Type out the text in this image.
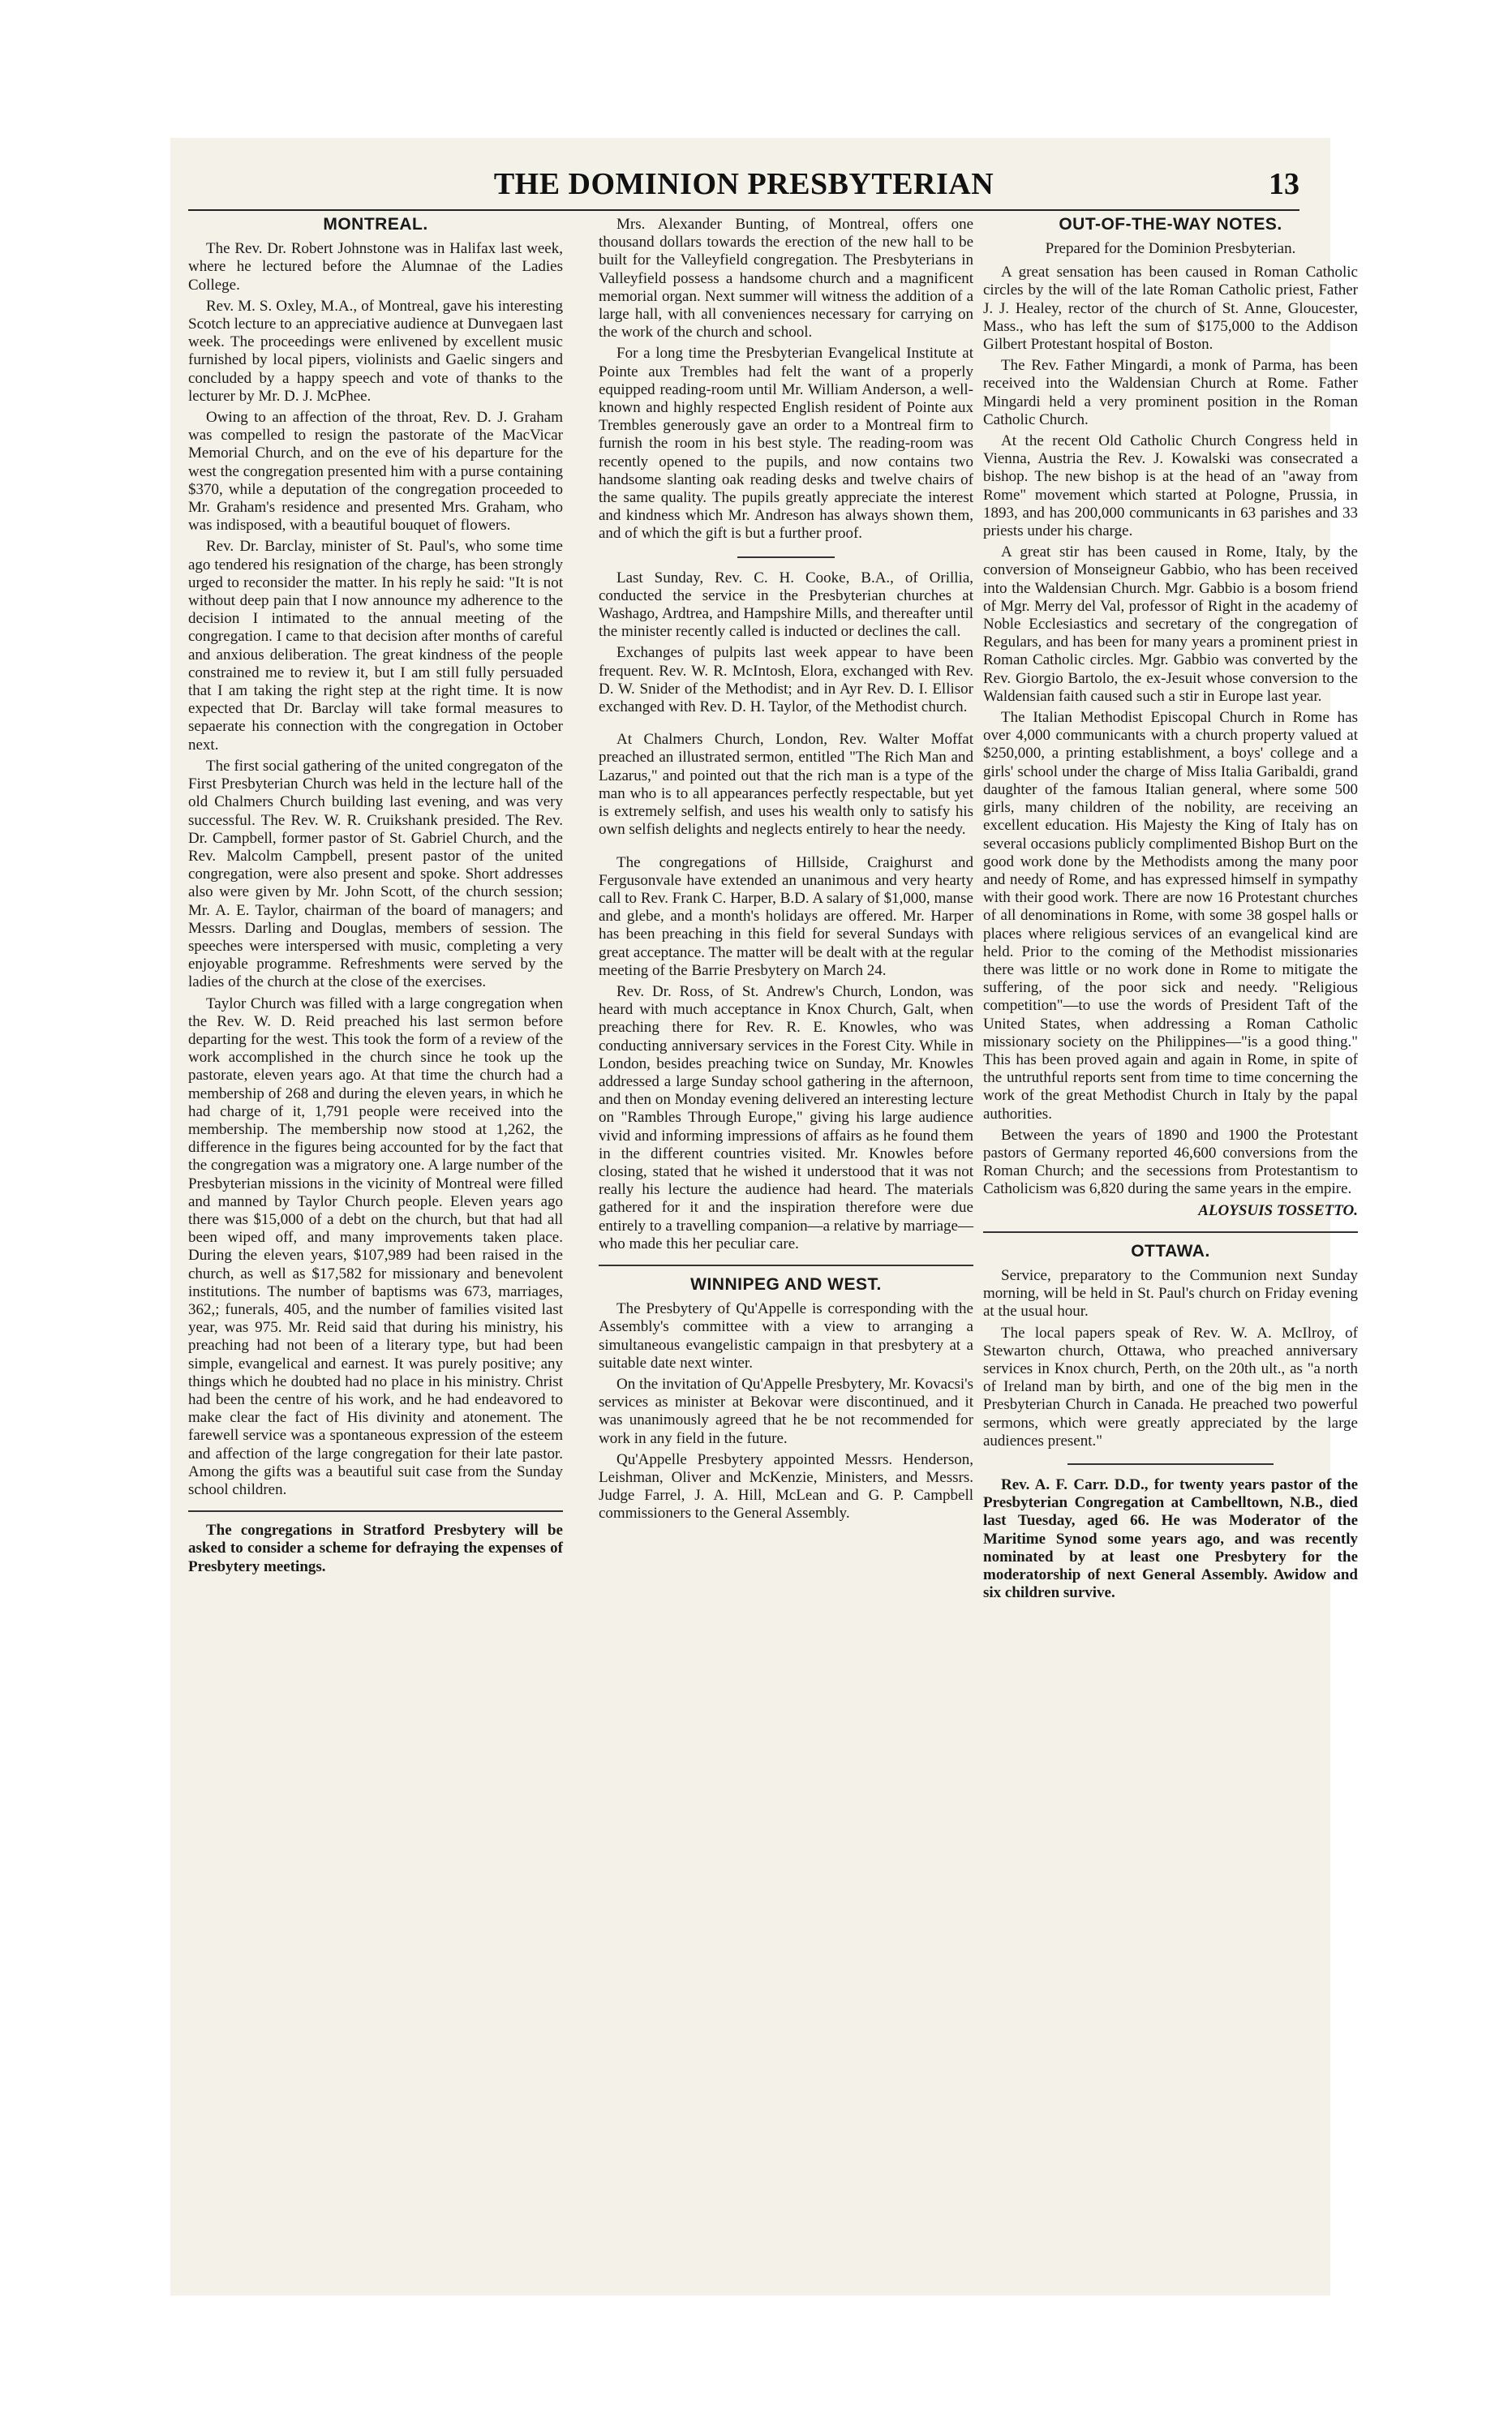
THE DOMINION PRESBYTERIAN	13
MONTREAL.

The Rev. Dr. Robert Johnstone was in Halifax last week, where he lectured before the Alumnae of the Ladies College.

Rev. M. S. Oxley, M.A., of Montreal, gave his interesting Scotch lecture to an appreciative audience at Dunvegaen last week. The proceedings were enlivened by excellent music furnished by local pipers, violinists and Gaelic singers and concluded by a happy speech and vote of thanks to the lecturer by Mr. D. J. McPhee.

Owing to an affection of the throat, Rev. D. J. Graham was compelled to resign the pastorate of the MacVicar Memorial Church, and on the eve of his departure for the west the congregation presented him with a purse containing $370, while a deputation of the congregation proceeded to Mr. Graham's residence and presented Mrs. Graham, who was indisposed, with a beautiful bouquet of flowers.

Rev. Dr. Barclay, minister of St. Paul's, who some time ago tendered his resignation of the charge, has been strongly urged to reconsider the matter. In his reply he said: "It is not without deep pain that I now announce my adherence to the decision I intimated to the annual meeting of the congregation. I came to that decision after months of careful and anxious deliberation. The great kindness of the people constrained me to review it, but I am still fully persuaded that I am taking the right step at the right time. It is now expected that Dr. Barclay will take formal measures to sepaerate his connection with the congregation in October next.

The first social gathering of the united congregaton of the First Presbyterian Church was held in the lecture hall of the old Chalmers Church building last evening, and was very successful. The Rev. W. R. Cruikshank presided. The Rev. Dr. Campbell, former pastor of St. Gabriel Church, and the Rev. Malcolm Campbell, present pastor of the united congregation, were also present and spoke. Short addresses also were given by Mr. John Scott, of the church session; Mr. A. E. Taylor, chairman of the board of managers; and Messrs. Darling and Douglas, members of session. The speeches were interspersed with music, completing a very enjoyable programme. Refreshments were served by the ladies of the church at the close of the exercises.

Taylor Church was filled with a large congregation when the Rev. W. D. Reid preached his last sermon before departing for the west. This took the form of a review of the work accomplished in the church since he took up the pastorate, eleven years ago. At that time the church had a membership of 268 and during the eleven years, in which he had charge of it, 1,791 people were received into the membership. The membership now stood at 1,262, the difference in the figures being accounted for by the fact that the congregation was a migratory one. A large number of the Presbyterian missions in the vicinity of Montreal were filled and manned by Taylor Church people. Eleven years ago there was $15,000 of a debt on the church, but that had all been wiped off, and many improvements taken place. During the eleven years, $107,989 had been raised in the church, as well as $17,582 for missionary and benevolent institutions. The number of baptisms was 673, marriages, 362,; funerals, 405, and the number of families visited last year, was 975. Mr. Reid said that during his ministry, his preaching had not been of a literary type, but had been simple, evangelical and earnest. It was purely positive; any things which he doubted had no place in his ministry. Christ had been the centre of his work, and he had endeavored to make clear the fact of His divinity and atonement. The farewell service was a spontaneous expression of the esteem and affection of the large congregation for their late pastor. Among the gifts was a beautiful suit case from the Sunday school children.

The congregations in Stratford Presbytery will be asked to consider a scheme for defraying the expenses of Presbytery meetings.

Mrs. Alexander Bunting, of Montreal, offers one thousand dollars towards the erection of the new hall to be built for the Valleyfield congregation. The Presbyterians in Valleyfield possess a handsome church and a magnificent memorial organ. Next summer will witness the addition of a large hall, with all conveniences necessary for carrying on the work of the church and school.

For a long time the Presbyterian Evangelical Institute at Pointe aux Trembles had felt the want of a properly equipped reading-room until Mr. William Anderson, a well-known and highly respected English resident of Pointe aux Trembles generously gave an order to a Montreal firm to furnish the room in his best style. The reading-room was recently opened to the pupils, and now contains two handsome slanting oak reading desks and twelve chairs of the same quality. The pupils greatly appreciate the interest and kindness which Mr. Andreson has always shown them, and of which the gift is but a further proof.

Last Sunday, Rev. C. H. Cooke, B.A., of Orillia, conducted the service in the Presbyterian churches at Washago, Ardtrea, and Hampshire Mills, and thereafter until the minister recently called is inducted or declines the call.

Exchanges of pulpits last week appear to have been frequent. Rev. W. R. McIntosh, Elora, exchanged with Rev. D. W. Snider of the Methodist; and in Ayr Rev. D. I. Ellisor exchanged with Rev. D. H. Taylor, of the Methodist church.

At Chalmers Church, London, Rev. Walter Moffat preached an illustrated sermon, entitled "The Rich Man and Lazarus," and pointed out that the rich man is a type of the man who is to all appearances perfectly respectable, but yet is extremely selfish, and uses his wealth only to satisfy his own selfish delights and neglects entirely to hear the needy.

The congregations of Hillside, Craighurst and Fergusonvale have extended an unanimous and very hearty call to Rev. Frank C. Harper, B.D. A salary of $1,000, manse and glebe, and a month's holidays are offered. Mr. Harper has been preaching in this field for several Sundays with great acceptance. The matter will be dealt with at the regular meeting of the Barrie Presbytery on March 24.

Rev. Dr. Ross, of St. Andrew's Church, London, was heard with much acceptance in Knox Church, Galt, when preaching there for Rev. R. E. Knowles, who was conducting anniversary services in the Forest City. While in London, besides preaching twice on Sunday, Mr. Knowles addressed a large Sunday school gathering in the afternoon, and then on Monday evening delivered an interesting lecture on "Rambles Through Europe," giving his large audience vivid and informing impressions of affairs as he found them in the different countries visited. Mr. Knowles before closing, stated that he wished it understood that it was not really his lecture the audience had heard. The materials gathered for it and the inspiration therefore were due entirely to a travelling companion—a relative by marriage—who made this her peculiar care.

WINNIPEG AND WEST.

The Presbytery of Qu'Appelle is corresponding with the Assembly's committee with a view to arranging a simultaneous evangelistic campaign in that presbytery at a suitable date next winter.

On the invitation of Qu'Appelle Presbytery, Mr. Kovacsi's services as minister at Bekovar were discontinued, and it was unanimously agreed that he be not recommended for work in any field in the future.

Qu'Appelle Presbytery appointed Messrs. Henderson, Leishman, Oliver and McKenzie, Ministers, and Messrs. Judge Farrel, J. A. Hill, McLean and G. P. Campbell commissioners to the General Assembly.

OUT-OF-THE-WAY NOTES.
Prepared for the Dominion Presbyterian.

A great sensation has been caused in Roman Catholic circles by the will of the late Roman Catholic priest, Father J. J. Healey, rector of the church of St. Anne, Gloucester, Mass., who has left the sum of $175,000 to the Addison Gilbert Protestant hospital of Boston.

The Rev. Father Mingardi, a monk of Parma, has been received into the Waldensian Church at Rome. Father Mingardi held a very prominent position in the Roman Catholic Church.

At the recent Old Catholic Church Congress held in Vienna, Austria the Rev. J. Kowalski was consecrated a bishop. The new bishop is at the head of an "away from Rome" movement which started at Pologne, Prussia, in 1893, and has 200,000 communicants in 63 parishes and 33 priests under his charge.

A great stir has been caused in Rome, Italy, by the conversion of Monseigneur Gabbio, who has been received into the Waldensian Church. Mgr. Gabbio is a bosom friend of Mgr. Merry del Val, professor of Right in the academy of Noble Ecclesiastics and secretary of the congregation of Regulars, and has been for many years a prominent priest in Roman Catholic circles. Mgr. Gabbio was converted by the Rev. Giorgio Bartolo, the ex-Jesuit whose conversion to the Waldensian faith caused such a stir in Europe last year.

The Italian Methodist Episcopal Church in Rome has over 4,000 communicants with a church property valued at $250,000, a printing establishment, a boys' college and a girls' school under the charge of Miss Italia Garibaldi, grand daughter of the famous Italian general, where some 500 girls, many children of the nobility, are receiving an excellent education. His Majesty the King of Italy has on several occasions publicly complimented Bishop Burt on the good work done by the Methodists among the many poor and needy of Rome, and has expressed himself in sympathy with their good work. There are now 16 Protestant churches of all denominations in Rome, with some 38 gospel halls or places where religious services of an evangelical kind are held. Prior to the coming of the Methodist missionaries there was little or no work done in Rome to mitigate the suffering, of the poor sick and needy. "Religious competition"—to use the words of President Taft of the United States, when addressing a Roman Catholic missionary society on the Philippines—"is a good thing." This has been proved again and again in Rome, in spite of the untruthful reports sent from time to time concerning the work of the great Methodist Church in Italy by the papal authorities.

Between the years of 1890 and 1900 the Protestant pastors of Germany reported 46,600 conversions from the Roman Church; and the secessions from Protestantism to Catholicism was 6,820 during the same years in the empire.

ALOYSUIS TOSSETTO.

OTTAWA.

Service, preparatory to the Communion next Sunday morning, will be held in St. Paul's church on Friday evening at the usual hour.

The local papers speak of Rev. W. A. McIlroy, of Stewarton church, Ottawa, who preached anniversary services in Knox church, Perth, on the 20th ult., as "a north of Ireland man by birth, and one of the big men in the Presbyterian Church in Canada. He preached two powerful sermons, which were greatly appreciated by the large audiences present."

Rev. A. F. Carr. D.D., for twenty years pastor of the Presbyterian Congregation at Cambelltown, N.B., died last Tuesday, aged 66. He was Moderator of the Maritime Synod some years ago, and was recently nominated by at least one Presbytery for the moderatorship of next General Assembly. Awidow and six children survive.
